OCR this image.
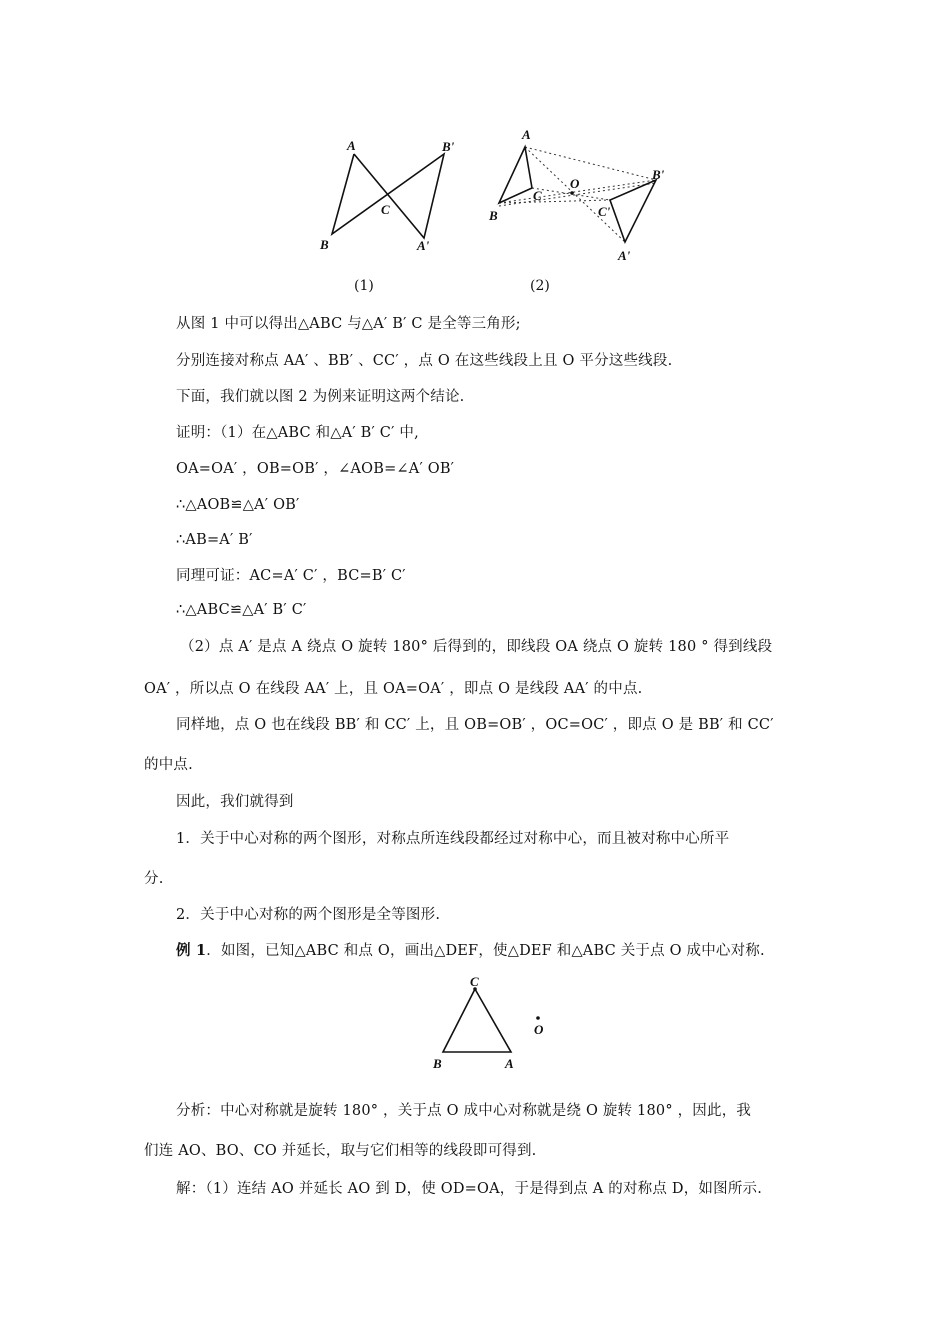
A	B'
C
B	A'
(1)
A
C
O
B'
C'
B
A'
(2)
从图 1 中可以得出△ABC 与△A′ B′ C 是全等三角形;
分别连接对称点 AA′ 、BB′ 、CC′ ，点 O 在这些线段上且 O 平分这些线段.
下面，我们就以图 2 为例来证明这两个结论.
证明：（1）在△ABC 和△A′ B′ C′ 中,
OA=OA′ ，OB=OB′ ，∠AOB=∠A′ OB′
∴△AOB≌△A′ OB′
∴AB=A′ B′
同理可证：AC=A′ C′ ，BC=B′ C′
∴△ABC≌△A′ B′ C′
（2）点 A′ 是点 A 绕点 O 旋转 180° 后得到的，即线段 OA 绕点 O 旋转 180 ° 得到线段
OA′ ，所以点 O 在线段 AA′ 上，且 OA=OA′ ，即点 O 是线段 AA′ 的中点.
同样地，点 O 也在线段 BB′ 和 CC′ 上，且 OB=OB′ ，OC=OC′ ，即点 O 是 BB′ 和 CC′
的中点.
因此，我们就得到
1．关于中心对称的两个图形，对称点所连线段都经过对称中心，而且被对称中心所平
分.
2．关于中心对称的两个图形是全等图形.
例 1．如图，已知△ABC 和点 O，画出△DEF，使△DEF 和△ABC 关于点 O 成中心对称.
C
O
B	A
分析：中心对称就是旋转 180° ，关于点 O 成中心对称就是绕 O 旋转 180° ，因此，我
们连 AO、BO、CO 并延长，取与它们相等的线段即可得到.
解：（1）连结 AO 并延长 AO 到 D，使 OD=OA，于是得到点 A 的对称点 D，如图所示.
